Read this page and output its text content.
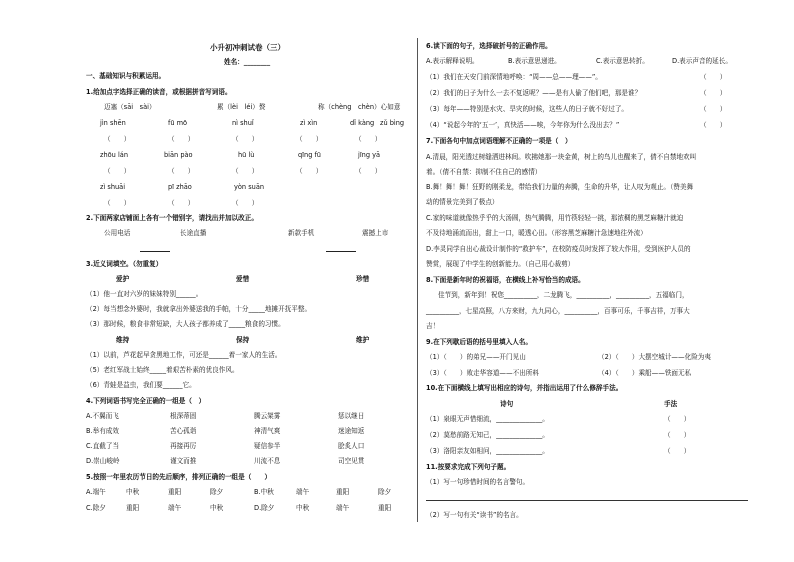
小升初冲刺试卷（三）
姓名：________
一、基础知识与积累运用。
1.给加点字选择正确的读音，或根据拼音写词语。
迈塞（sāi　sài）	累（lèi　léi）赘	称（chèng　chèn）心如意
jìn shēn	fū mō	nì shuǐ	zì xìn	dǐ kàng zǔ bìng
（　　）	（　　）	（　　）	（　　）	（　　）
zhōu lán	biān pào	hū lù	qīng fū	jīng yā
（　　）	（　　）	（　　）	（　　）	（　　）
zì shuāi	pī zhāo	yòn suān
（　　）	（　　）	（　　）
2.下面两家店铺面上各有一个错别字，请找出并加以改正。
公用电话	长途直播	新款手机	震撼上市
3.近义词填空。（勿重复）
爱护	爱惜	珍惜
（1）他一直对六岁的妹妹特别______。
（2）每当想念外婆时，我就拿出外婆送我的手帕，十分_____地摊开抚平整。
（3）那时候，粮食非常短缺，大人孩子都养成了_____粮食的习惯。
维持	保持	维护
（1）以前，芦花起早贪黑地工作，可还是______着一家人的生活。
（5）老红军战士始终_____着艰苦朴素的优良作风。
（6）青蛙是益虫，我们要______它。
4.下列词语书写完全正确的一组是（　）
A.不翼而飞	根深蒂固	腾云架雾	惩以继日
B.举有成效	苦心孤诣	神清气爽	迷途知返
C.直截了当	再接再厉	疑信参半	脍炙人口
D.崇山峻岭	谨文而推	川流不息	司空见贯
5.按照一年里农历节日的先后顺序，排列正确的一组是（　　）
A.端午	中秋	重阳	除夕	B.中秋	端午	重阳	除夕
C.除夕	重阳	端午	中秋	D.除夕	中秋	端午	重阳
6.读下面的句子，选择破折号的正确作用。
A.表示解释说明。	B.表示意思递进。	C.表示意思转折。	D.表示声音的延长。
（1）我们在天安门前深情地呼唤：“周——总——理——”。	（　　）
（2）我们的日子为什么一去不复返呢？——是有人偷了他们吧，那是谁？	（　　）
（3）每年——特别是水灾、旱灾的时候，这些人的日子就不好过了。	（　　）
（4）“说起今年的‘五一’，真快活——唉，今年你为什么没出去？”	（　　）
7.下面各句中加点词语理解不正确的一项是（　）
A.清晨，阳光透过树缝洒进林间。吹拂她那一块金黄，树上的鸟儿也醒来了，倩不自禁地欢叫
着。（倩不自禁：抑制不住自己的感情）
B.舞！舞！舞！狂野的刚柔龙，带给我们力量的奔腾，生命的升华，让人叹为观止。（赞美舞
动的情景完美到了极点）
C.家的味道就像热乎乎的大汤圆，热气腾腾，用竹筷轻轻一挑，那浓稠的黑芝麻糖汁就迫
不及待地涌流而出，甜上一口，暖透心田。（形容黑芝麻糖汁急速地往外流）
D.李灵同学自出心裁设计制作的“救护车”，在校防疫员时发挥了较大作用，受到医护人员的
赞赏，展现了中学生的创新能力。（自己用心裁剪）
8.下面是新年时的祝福语，在横线上补写恰当的成语。
佳节到，新年到！祝您__________，二龙腾飞，__________，__________，五福临门，
__________，七星高照，八方来财，九九同心，__________，百事可乐，千事吉祥，万事大
吉！
9.在下列歇后语的括号里填入人名。
（1）（　　）的弟兄——开门见山	（2）（　　）大摆空城计——化险为夷
（3）（　　）败走华容道——不出所料	（4）（　　）乘船——铁面无私
10.在下面横线上填写出相应的诗句，并指出运用了什么修辞手法。
诗句	手法
（1）泉眼无声惜细流，______________。	（　　）
（2）莫愁前路无知己，______________。	（　　）
（3）洛阳亲友如相问，______________。	（　　）
11.按要求完成下列句子题。
（1）写一句珍惜时间的名言警句。
（2）写一句有关“读书”的名言。
